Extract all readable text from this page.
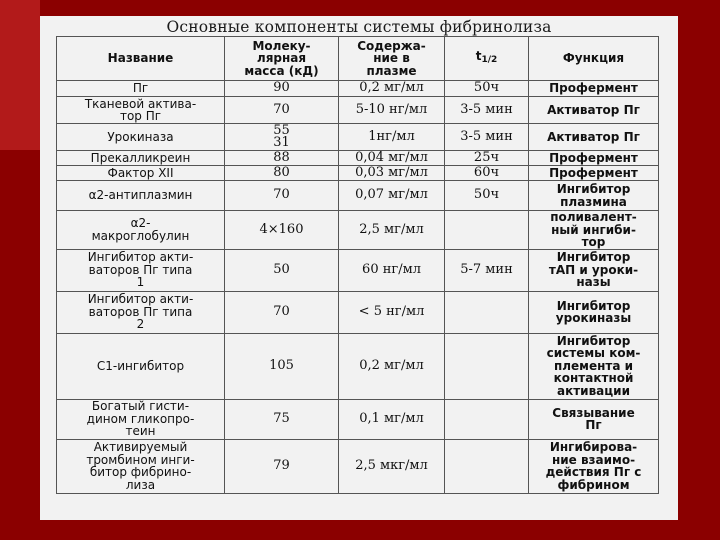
Основные компоненты системы фибринолиза
Название	Молеку-
лярная
масса (кД)	Содержа-
ние в
плазме	$t_{1/2}$	Функция

Пг	90	0,2 мг/мл	50ч	Профермент

Тканевой актива-
тор Пг	70	5-10 нг/мл	3-5 мин	Активатор Пг

Урокиназа	55
31	1нг/мл	3-5 мин	Активатор Пг

Прекалликреин	88	0,04 мг/мл	25ч	Профермент

Фактор XII	80	0,03 мг/мл	60ч	Профермент

α2-антиплазмин	70	0,07 мг/мл	50ч	Ингибитор
плазмина

α2-
макроглобулин	4×160	2,5 мг/мл		поливалент-
ный ингиби-
тор

Ингибитор акти-
ваторов Пг типа
1	50	60 нг/мл	5-7 мин	Ингибитор
тАП и уроки-
назы

Ингибитор акти-
ваторов Пг типа
2	70	< 5 нг/мл		Ингибитор
урокиназы

С1-ингибитор	105	0,2 мг/мл		Ингибитор
системы ком-
племента и
контактной
активации

Богатый гисти-
дином гликопро-
теин	75	0,1 мг/мл		Связывание
Пг

Активируемый
тромбином инги-
битор фибрино-
лиза	79	2,5 мкг/мл		Ингибирова-
ние взаимо-
действия Пг с
фибрином
